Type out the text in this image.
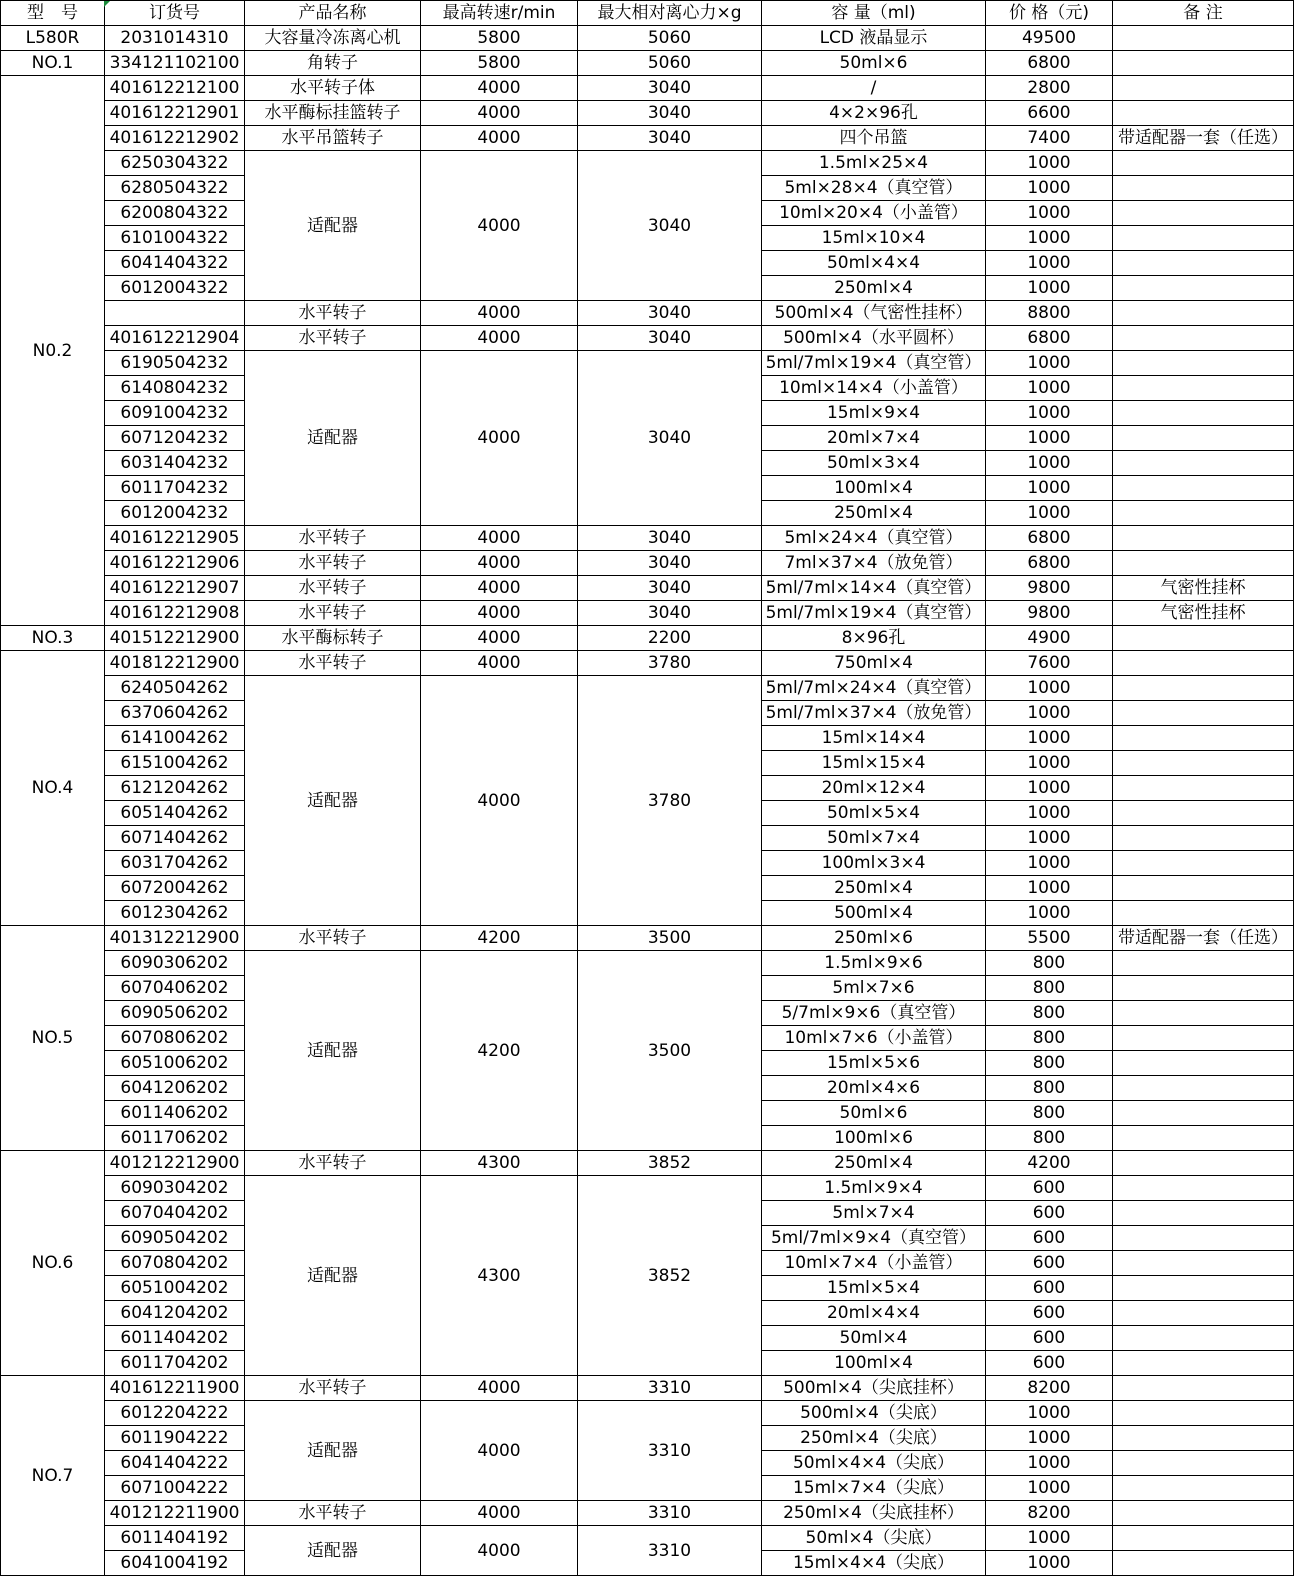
型　号	订货号	产品名称	最高转速r/min	最大相对离心力×g	容 量（ml)	价 格（元)	备 注
L580R	2031014310	大容量冷冻离心机	5800	5060	LCD 液晶显示	49500	
NO.1	334121102100	角转子	5800	5060	50ml×6	6800	
N0.2	401612212100	水平转子体	4000	3040	/	2800	
	401612212901	水平酶标挂篮转子	4000	3040	4×2×96孔	6600	
	401612212902	水平吊篮转子	4000	3040	四个吊篮	7400	带适配器一套（任选）
	6250304322	适配器	4000	3040	1.5ml×25×4	1000	
	6280504322				5ml×28×4（真空管）	1000	
	6200804322				10ml×20×4（小盖管）	1000	
	6101004322				15ml×10×4	1000	
	6041404322				50ml×4×4	1000	
	6012004322				250ml×4	1000	
		水平转子	4000	3040	500ml×4（气密性挂杯）	8800	
	401612212904	水平转子	4000	3040	500ml×4（水平圆杯）	6800	
	6190504232	适配器	4000	3040	5ml/7ml×19×4（真空管）	1000	
	6140804232				10ml×14×4（小盖管）	1000	
	6091004232				15ml×9×4	1000	
	6071204232				20ml×7×4	1000	
	6031404232				50ml×3×4	1000	
	6011704232				100ml×4	1000	
	6012004232				250ml×4	1000	
	401612212905	水平转子	4000	3040	5ml×24×4（真空管）	6800	
	401612212906	水平转子	4000	3040	7ml×37×4（放免管）	6800	
	401612212907	水平转子	4000	3040	5ml/7ml×14×4（真空管）	9800	气密性挂杯
	401612212908	水平转子	4000	3040	5ml/7ml×19×4（真空管）	9800	气密性挂杯
NO.3	401512212900	水平酶标转子	4000	2200	8×96孔	4900	
NO.4	401812212900	水平转子	4000	3780	750ml×4	7600	
	6240504262	适配器	4000	3780	5ml/7ml×24×4（真空管）	1000	
	6370604262				5ml/7ml×37×4（放免管）	1000	
	6141004262				15ml×14×4	1000	
	6151004262				15ml×15×4	1000	
	6121204262				20ml×12×4	1000	
	6051404262				50ml×5×4	1000	
	6071404262				50ml×7×4	1000	
	6031704262				100ml×3×4	1000	
	6072004262				250ml×4	1000	
	6012304262				500ml×4	1000	
NO.5	401312212900	水平转子	4200	3500	250ml×6	5500	带适配器一套（任选）
	6090306202	适配器	4200	3500	1.5ml×9×6	800	
	6070406202				5ml×7×6	800	
	6090506202				5/7ml×9×6（真空管）	800	
	6070806202				10ml×7×6（小盖管）	800	
	6051006202				15ml×5×6	800	
	6041206202				20ml×4×6	800	
	6011406202				50ml×6	800	
	6011706202				100ml×6	800	
NO.6	401212212900	水平转子	4300	3852	250ml×4	4200	
	6090304202	适配器	4300	3852	1.5ml×9×4	600	
	6070404202				5ml×7×4	600	
	6090504202				5ml/7ml×9×4（真空管）	600	
	6070804202				10ml×7×4（小盖管）	600	
	6051004202				15ml×5×4	600	
	6041204202				20ml×4×4	600	
	6011404202				50ml×4	600	
	6011704202				100ml×4	600	
NO.7	401612211900	水平转子	4000	3310	500ml×4（尖底挂杯）	8200	
	6012204222	适配器	4000	3310	500ml×4（尖底）	1000	
	6011904222				250ml×4（尖底）	1000	
	6041404222				50ml×4×4（尖底）	1000	
	6071004222				15ml×7×4（尖底）	1000	
	401212211900	水平转子	4000	3310	250ml×4（尖底挂杯）	8200	
	6011404192	适配器	4000	3310	50ml×4（尖底）	1000	
	6041004192				15ml×4×4（尖底）	1000	
